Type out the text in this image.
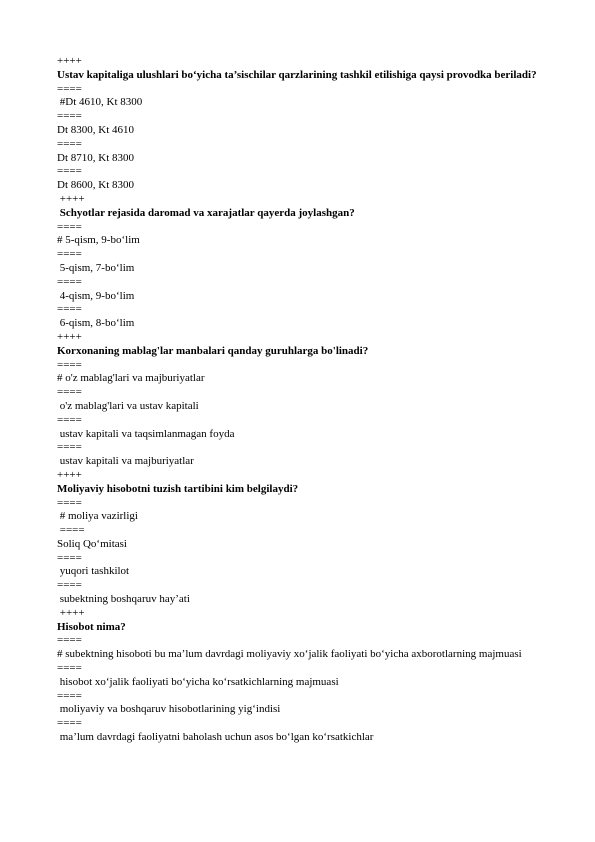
++++

Ustav kapitaliga ulushlari bo‘yicha ta’sischilar qarzlarining tashkil etilishiga qaysi provodka beriladi?

====

#Dt 4610, Kt 8300

====

Dt 8300, Kt 4610

====

Dt 8710, Kt 8300

====

Dt 8600, Kt 8300

++++

Schyotlar rejasida daromad va xarajatlar qayerda joylashgan?

====

# 5-qism, 9-bo‘lim

====

5-qism, 7-bo‘lim

====

4-qism, 9-bo‘lim

====

6-qism, 8-bo‘lim

++++

Korxonaning mablag'lar manbalari qanday guruhlarga bo'linadi?

====

# o'z mablag'lari va majburiyatlar

====

o'z mablag'lari va ustav kapitali

====

ustav kapitali va taqsimlanmagan foyda

====

ustav kapitali va majburiyatlar

++++

Moliyaviy hisobotni tuzish tartibini kim belgilaydi?

====

# moliya vazirligi

====

Soliq Qo‘mitasi

====

yuqori tashkilot

====

subektning boshqaruv hay’ati

++++

Hisobot nima?

====

# subektning hisoboti bu ma’lum davrdagi moliyaviy xo‘jalik faoliyati bo‘yicha axborotlarning majmuasi

====

hisobot xo‘jalik faoliyati bo‘yicha ko‘rsatkichlarning majmuasi

====

moliyaviy va boshqaruv hisobotlarining yig‘indisi

====

ma’lum davrdagi faoliyatni baholash uchun asos bo‘lgan ko‘rsatkichlar
